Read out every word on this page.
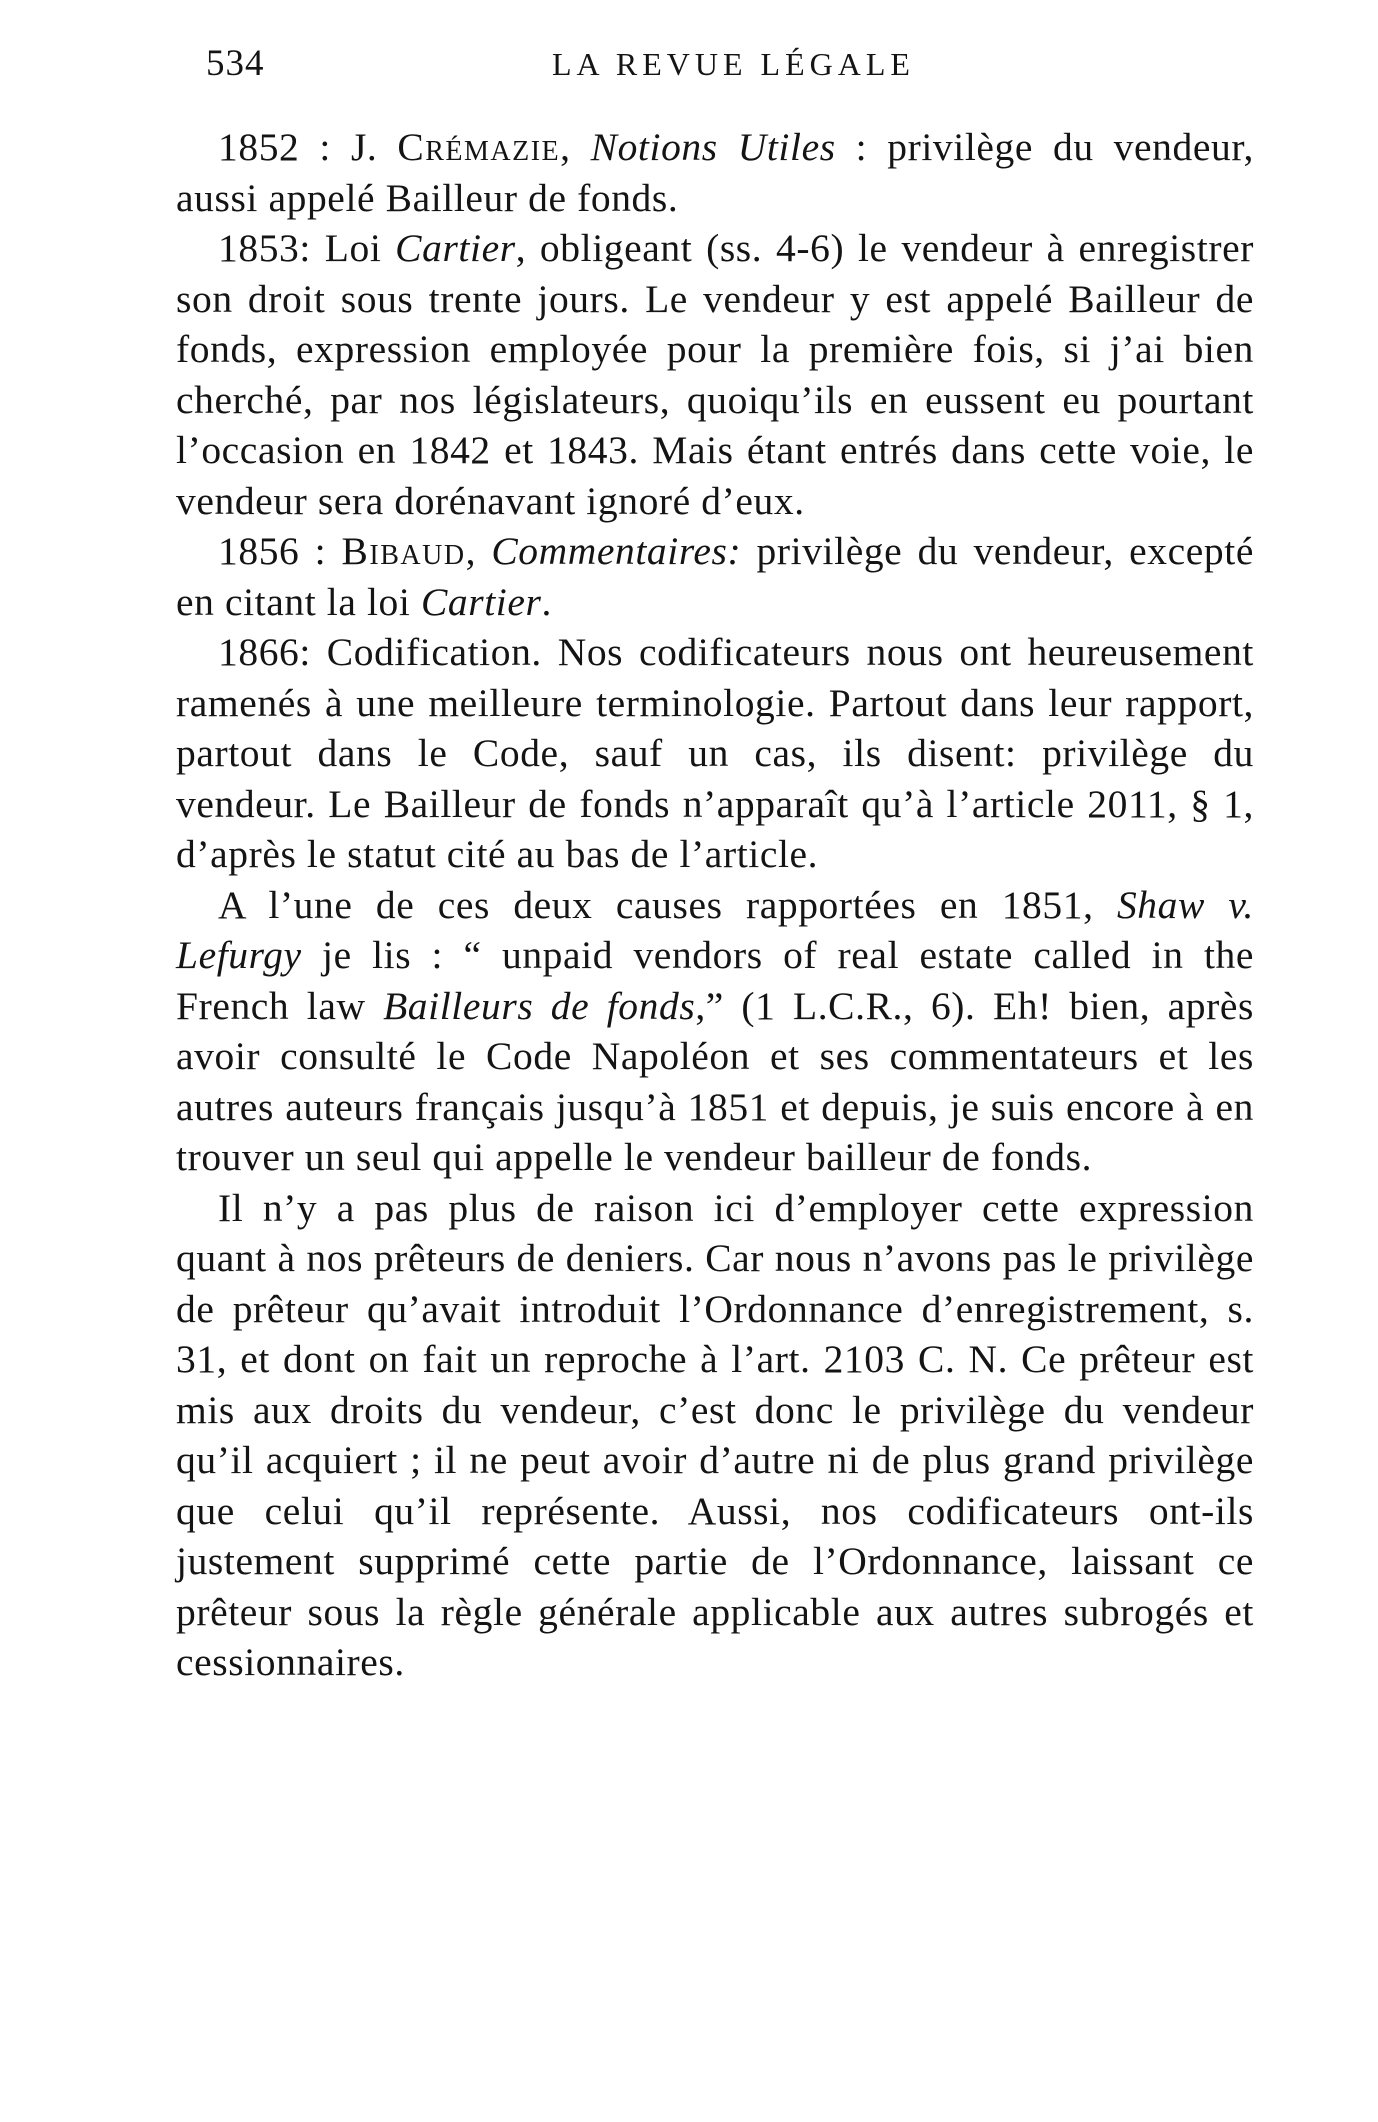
534	LA REVUE LÉGALE

1852 : J. Crémazie, Notions Utiles : privilège du vendeur, aussi appelé Bailleur de fonds.

1853: Loi Cartier, obligeant (ss. 4-6) le vendeur à enregistrer son droit sous trente jours. Le vendeur y est appelé Bailleur de fonds, expression employée pour la première fois, si j’ai bien cherché, par nos législateurs, quoiqu’ils en eussent eu pourtant l’occasion en 1842 et 1843. Mais étant entrés dans cette voie, le vendeur sera dorénavant ignoré d’eux.

1856 : Bibaud, Commentaires: privilège du vendeur, excepté en citant la loi Cartier.

1866: Codification. Nos codificateurs nous ont heureusement ramenés à une meilleure terminologie. Partout dans leur rapport, partout dans le Code, sauf un cas, ils disent: privilège du vendeur. Le Bailleur de fonds n’apparaît qu’à l’article 2011, § 1, d’après le statut cité au bas de l’article.

A l’une de ces deux causes rapportées en 1851, Shaw v. Lefurgy je lis : “ unpaid vendors of real estate called in the French law Bailleurs de fonds,” (1 L.C.R., 6). Eh! bien, après avoir consulté le Code Napoléon et ses commentateurs et les autres auteurs français jusqu’à 1851 et depuis, je suis encore à en trouver un seul qui appelle le vendeur bailleur de fonds.

Il n’y a pas plus de raison ici d’employer cette expression quant à nos prêteurs de deniers. Car nous n’avons pas le privilège de prêteur qu’avait introduit l’Ordonnance d’enregistrement, s. 31, et dont on fait un reproche à l’art. 2103 C. N. Ce prêteur est mis aux droits du vendeur, c’est donc le privilège du vendeur qu’il acquiert ; il ne peut avoir d’autre ni de plus grand privilège que celui qu’il représente. Aussi, nos codificateurs ont-ils justement supprimé cette partie de l’Ordonnance, laissant ce prêteur sous la règle générale applicable aux autres subrogés et cessionnaires.
